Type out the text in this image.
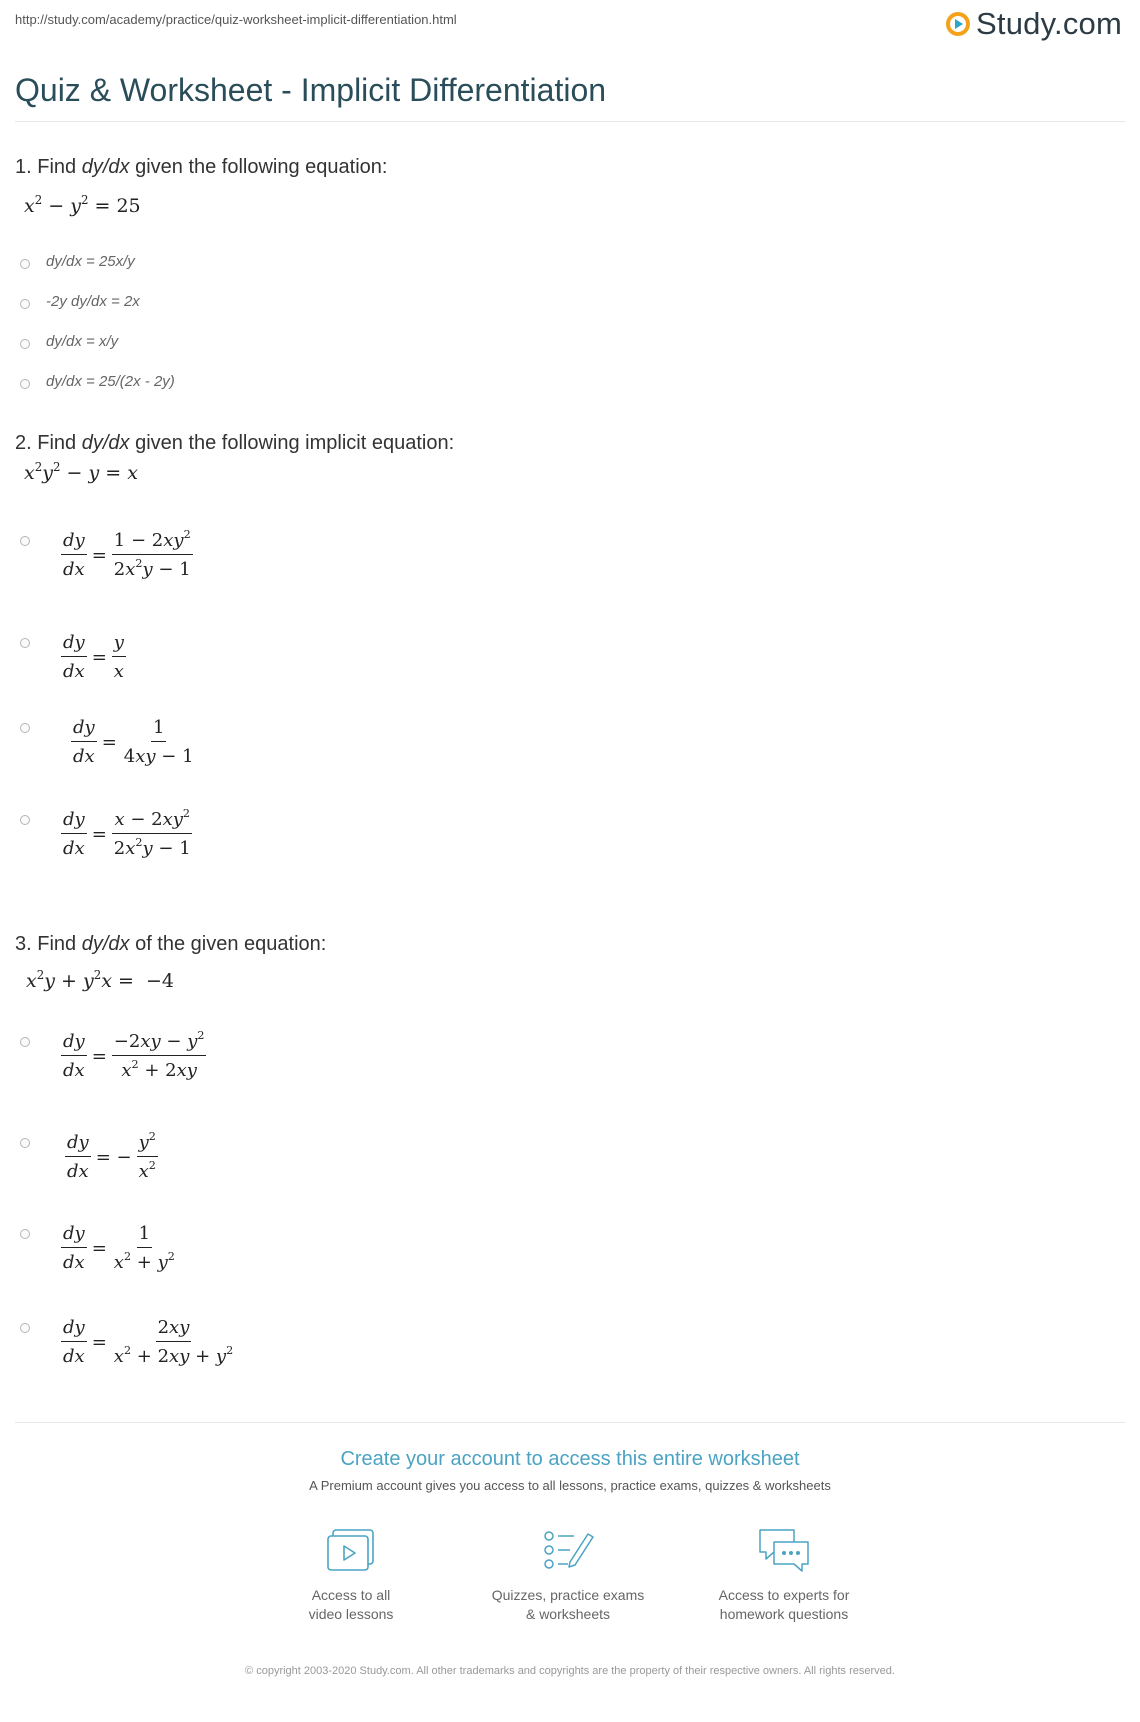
http://study.com/academy/practice/quiz-worksheet-implicit-differentiation.html	Study.com
Quiz & Worksheet - Implicit Differentiation
1. Find dy/dx given the following equation:
$x^2 - y^2 = 25$
dy/dx = 25x/y
-2y dy/dx = 2x
dy/dx = x/y
dy/dx = 25/(2x - 2y)
2. Find dy/dx given the following implicit equation:
$x^2y^2 - y = x$
$\frac{dy}{dx} = \frac{1 - 2xy^2}{2x^2y - 1}$
$\frac{dy}{dx} = \frac{y}{x}$
$\frac{dy}{dx} = \frac{1}{4xy - 1}$
$\frac{dy}{dx} = \frac{x - 2xy^2}{2x^2y - 1}$
3. Find dy/dx of the given equation:
$x^2y + y^2x = -4$
$\frac{dy}{dx} = \frac{-2xy - y^2}{x^2 + 2xy}$
$\frac{dy}{dx}$ = − $\frac{y^2}{x^2}$
$\frac{dy}{dx} = \frac{1}{x^2 + y^2}$
$\frac{dy}{dx} = \frac{2xy}{x^2 + 2xy + y^2}$
Create your account to access this entire worksheet
A Premium account gives you access to all lessons, practice exams, quizzes & worksheets
Access to all
video lessons
Quizzes, practice exams
& worksheets
Access to experts for
homework questions
© copyright 2003-2020 Study.com. All other trademarks and copyrights are the property of their respective owners. All rights reserved.
